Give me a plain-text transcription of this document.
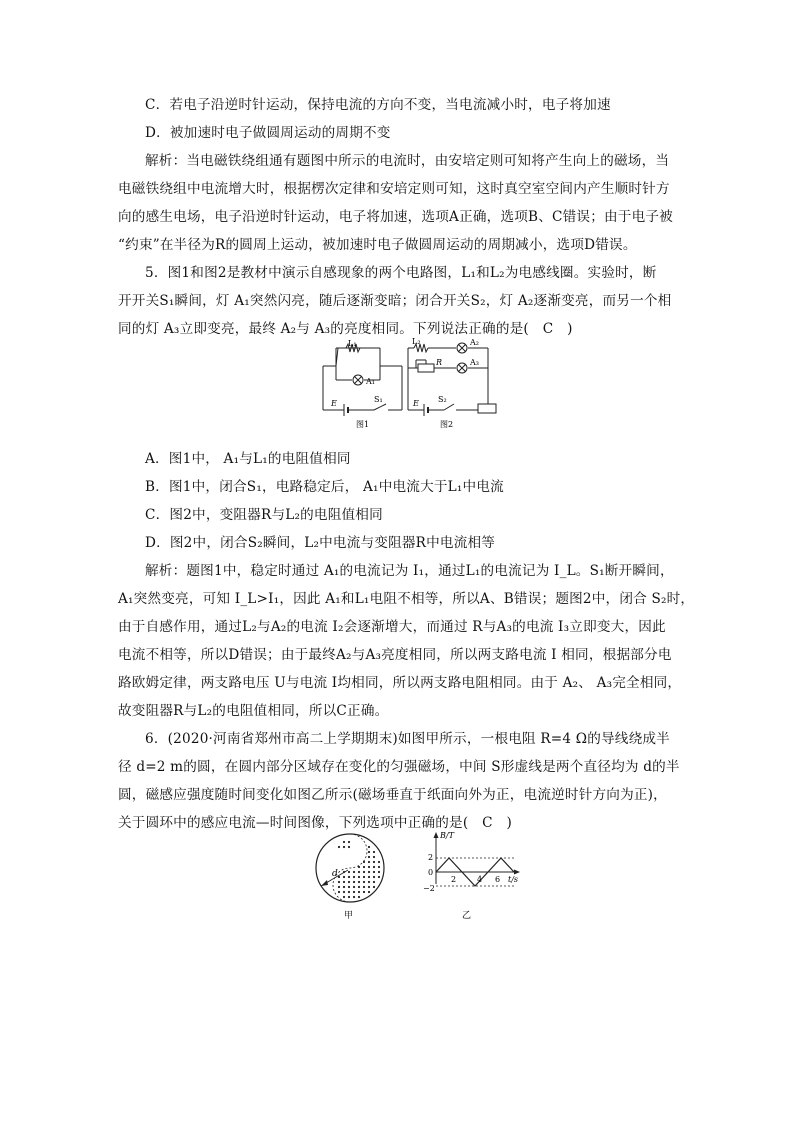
C．若电子沿逆时针运动，保持电流的方向不变，当电流减小时，电子将加速
D．被加速时电子做圆周运动的周期不变
解析：当电磁铁绕组通有题图中所示的电流时，由安培定则可知将产生向上的磁场，当
电磁铁绕组中电流增大时，根据楞次定律和安培定则可知，这时真空室空间内产生顺时针方
向的感生电场，电子沿逆时针运动，电子将加速，选项A正确，选项B、C错误；由于电子被
“约束”在半径为R的圆周上运动，被加速时电子做圆周运动的周期减小，选项D错误。
5．图1和图2是教材中演示自感现象的两个电路图，L₁和L₂为电感线圈。实验时，断
开开关S₁瞬间，灯 A₁突然闪亮，随后逐渐变暗；闭合开关S₂，灯 A₂逐渐变亮，而另一个相
同的灯 A₃立即变亮，最终 A₂与 A₃的亮度相同。下列说法正确的是(　C　)
L₁
A₁
E	S₁
图1
L₂	A₂
R	A₃
E S₂
图2
A．图1中， A₁与L₁的电阻值相同
B．图1中，闭合S₁，电路稳定后， A₁中电流大于L₁中电流
C．图2中，变阻器R与L₂的电阻值相同
D．图2中，闭合S₂瞬间，L₂中电流与变阻器R中电流相等
解析：题图1中，稳定时通过 A₁的电流记为 I₁，通过L₁的电流记为 I_L。S₁断开瞬间，
A₁突然变亮，可知 I_L>I₁，因此 A₁和L₁电阻不相等，所以A、B错误；题图2中，闭合 S₂时，
由于自感作用，通过L₂与A₂的电流 I₂会逐渐增大，而通过 R与A₃的电流 I₃立即变大，因此
电流不相等，所以D错误；由于最终A₂与A₃亮度相同，所以两支路电流 I 相同，根据部分电
路欧姆定律，两支路电压 U与电流 I均相同，所以两支路电阻相同。由于 A₂、 A₃完全相同，
故变阻器R与L₂的电阻值相同，所以C正确。
6．(2020·河南省郑州市高二上学期期末)如图甲所示，一根电阻 R=4 Ω的导线绕成半
径 d=2 m的圆，在圆内部分区域存在变化的匀强磁场，中间 S形虚线是两个直径均为 d的半
圆，磁感应强度随时间变化如图乙所示(磁场垂直于纸面向外为正，电流逆时针方向为正)，
关于圆环中的感应电流—时间图像，下列选项中正确的是(　C　)
d
甲
B/T
t/s
2
0
−2
2	4 6
乙
